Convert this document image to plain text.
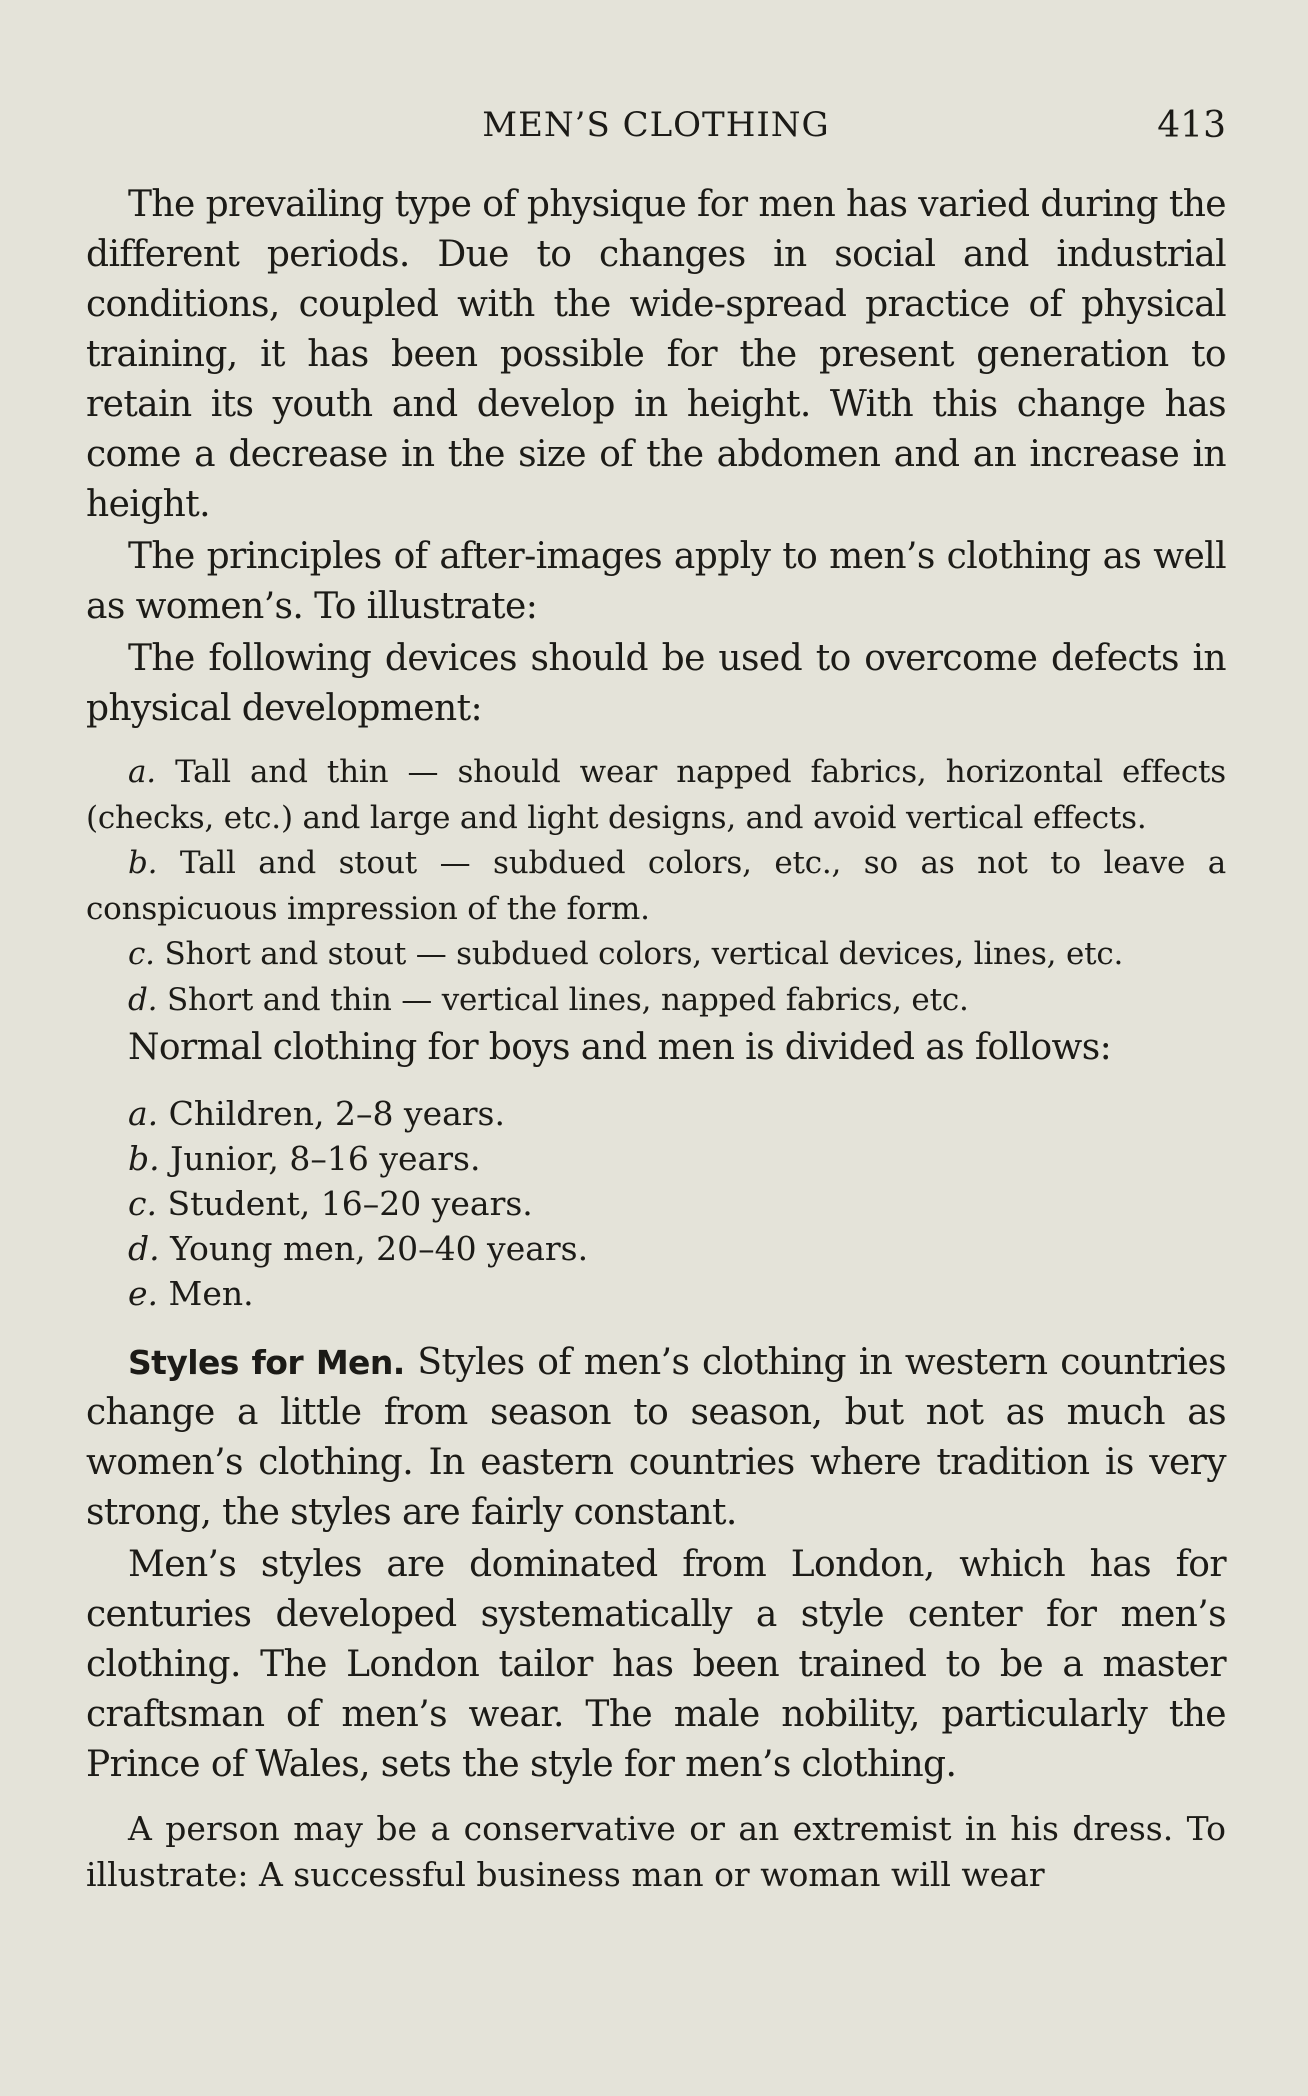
MEN’S CLOTHING	413

The prevailing type of physique for men has varied during the different periods. Due to changes in social and industrial conditions, coupled with the wide-spread practice of physical training, it has been possible for the present generation to retain its youth and develop in height. With this change has come a decrease in the size of the abdomen and an increase in height.

The principles of after-images apply to men’s clothing as well as women’s. To illustrate:

The following devices should be used to overcome defects in physical development:

a. Tall and thin — should wear napped fabrics, horizontal effects (checks, etc.) and large and light designs, and avoid vertical effects.

b. Tall and stout — subdued colors, etc., so as not to leave a conspicuous impression of the form.

c. Short and stout — subdued colors, vertical devices, lines, etc.

d. Short and thin — vertical lines, napped fabrics, etc.

Normal clothing for boys and men is divided as follows:

a. Children, 2–8 years.

b. Junior, 8–16 years.

c. Student, 16–20 years.

d. Young men, 20–40 years.

e. Men.

Styles for Men. Styles of men’s clothing in western countries change a little from season to season, but not as much as women’s clothing. In eastern countries where tradition is very strong, the styles are fairly constant.

Men’s styles are dominated from London, which has for centuries developed systematically a style center for men’s clothing. The London tailor has been trained to be a master craftsman of men’s wear. The male nobility, particularly the Prince of Wales, sets the style for men’s clothing.

A person may be a conservative or an extremist in his dress. To illustrate: A successful business man or woman will wear
